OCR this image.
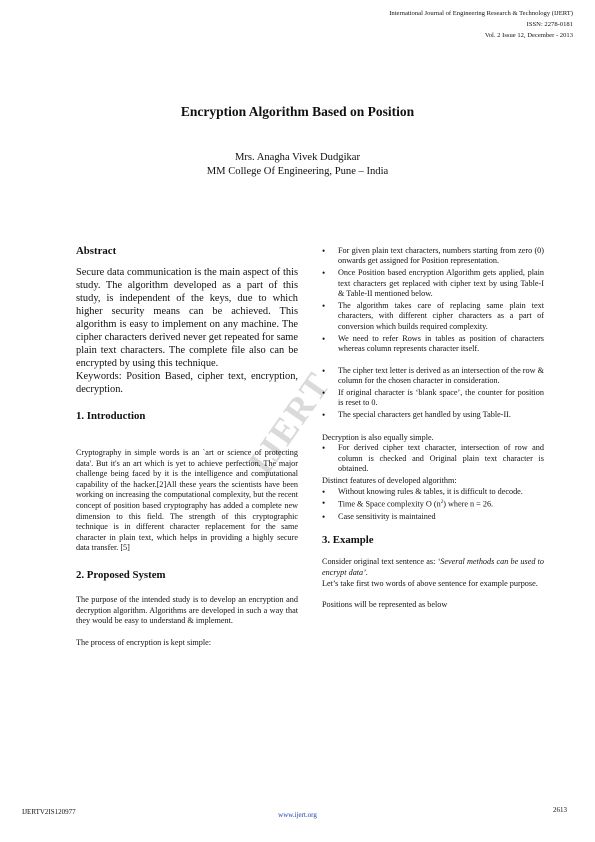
International Journal of Engineering Research & Technology (IJERT)
ISSN: 2278-0181
Vol. 2 Issue 12, December - 2013
Encryption Algorithm Based on Position
Mrs. Anagha Vivek Dudgikar
MM College Of Engineering, Pune – India
IJERT
Abstract

Secure data communication is the main aspect of this study. The algorithm developed as a part of this study, is independent of the keys, due to which higher security means can be achieved. This algorithm is easy to implement on any machine. The cipher characters derived never get repeated for same plain text characters. The complete file also can be encrypted by using this technique.

Keywords: Position Based, cipher text, encryption, decryption.

1. Introduction

Cryptography in simple words is an `art or science of protecting data'. But it's an art which is yet to achieve perfection. The major challenge being faced by it is the intelligence and computational capability of the hacker.[2]All these years the scientists have been working on increasing the computational complexity, but the recent concept of position based cryptography has added a complete new dimension to this field. The strength of this cryptographic technique is in different character replacement for the same character in plain text, which helps in providing a highly secure data transfer. [5]

2. Proposed System

The purpose of the intended study is to develop an encryption and decryption algorithm. Algorithms are developed in such a way that they would be easy to understand & implement.

The process of encryption is kept simple:

• For given plain text characters, numbers starting from zero (0) onwards get assigned for Position representation.
• Once Position based encryption Algorithm gets applied, plain text characters get replaced with cipher text by using Table-I & Table-II mentioned below.
• The algorithm takes care of replacing same plain text characters, with different cipher characters as a part of conversion which builds required complexity.
• We need to refer Rows in tables as position of characters whereas column represents character itself.
• The cipher text letter is derived as an intersection of the row & column for the chosen character in consideration.
• If original character is ‘blank space’, the counter for position is reset to 0.
• The special characters get handled by using Table-II.

Decryption is also equally simple.

• For derived cipher text character, intersection of row and column is checked and Original plain text character is obtained.

Distinct features of developed algorithm:

• Without knowing rules & tables, it is difficult to decode.
• Time & Space complexity O $(n^2)$ where n = 26.
• Case sensitivity is maintained
3. Example

Consider original text sentence as: ‘Several methods can be used to encrypt data’.

Let’s take first two words of above sentence for example purpose.

Positions will be represented as below

IJERTV2IS120977	www.ijert.org
2613
